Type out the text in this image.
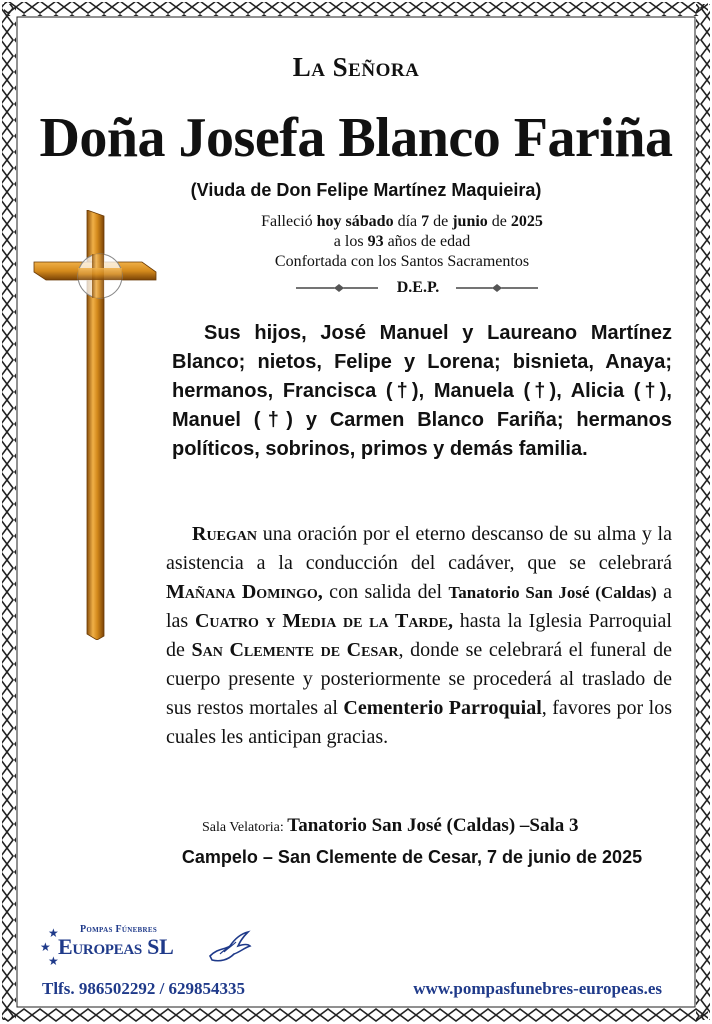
La Señora
Doña Josefa Blanco Fariña
(Viuda de Don Felipe Martínez Maquieira)
Falleció hoy sábado día 7 de junio de 2025
a los 93 años de edad
Confortada con los Santos Sacramentos
D.E.P.
Sus hijos, José Manuel y Laureano Martínez Blanco; nietos, Felipe y Lorena; bisnieta, Anaya; hermanos, Francisca (†), Manuela (†), Alicia (†), Manuel (†) y Carmen Blanco Fariña; hermanos políticos, sobrinos, primos y demás familia.
Ruegan una oración por el eterno descanso de su alma y la asistencia a la conducción del cadáver, que se celebrará Mañana Domingo, con salida del Tanatorio San José (Caldas) a las Cuatro y Media de la Tarde, hasta la Iglesia Parroquial de San Clemente de Cesar, donde se celebrará el funeral de cuerpo presente y posteriormente se procederá al traslado de sus restos mortales al Cementerio Parroquial, favores por los cuales les anticipan gracias.
Sala Velatoria: Tanatorio San José (Caldas) –Sala 3
Campelo – San Clemente de Cesar, 7 de junio de 2025
★
★
★
Pompas Fúnebres
Europeas SL
Tlfs. 986502292 / 629854335	www.pompasfunebres-europeas.es
